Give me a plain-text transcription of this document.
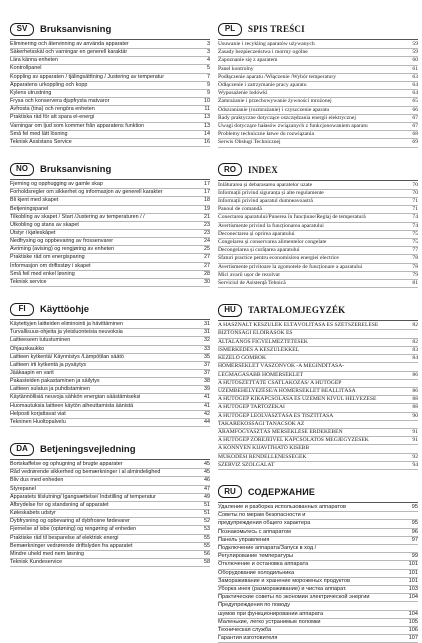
SV	Bruksanvisning
Eliminering och återvinning av använda apparater	3
Säkerhetsskäl och varningar en generell karaktär	3
Lära känna enheten	4
Kontrollpanel	5
Koppling av apparaten / tjälingsätttning / Justering av temperatur	7
Apparatens urkoppling och kopp	9
Kylens utrustning	9
Frysa och konservera djupfrysta matvaror	10
Avfrosta (tina) och rengöra enheten	11
Praktiska råd för att spara el-energi	13
Varningar om ljud som kommer från apparatens funktion	13
Små fel med lätt lösning	14
Teknisk Assistans Service	16
NO	Bruksanvisning
Fjerning og opphugging av gamle skap	17
Forholdsregler om sikkerhet og informasjon av generell karakter	17
Bli kjent med skapet	18
Betjeningspanel	19
Tilkobling av skapet / Start /Justering av temperaturen / /	21
Utkobling og stans av skapet	23
Utstyr i kjøleskåpet	23
Nedfrysing og oppbevaring av frossenvarer	24
Avriming (avising) og rengjøring av enheten	25
Praktiske råd om energisparing	27
Informasjon om driftsstøy i skapet	27
Små feil med enkel løsning	28
Teknisk service	30
FI	Käyttöohje
Käytettyjen laitteiden eliminointi ja hävittäminen	31
Turvallisuus-ohjeita ja yleisluonteisia neuvoksia	31
Laitteeseen tutustuminen	32
Ohjauskaukko	33
Laitteen kytkentä/ Käynnistys /Lämpötilan säätö	35
Laitteen irti kytkentä ja pysäytys	37
Jääkaapin en varit	37
Pakasteiden pakastaminen ja säilytys	38
Laitteen sulatus ja puhdistaminen	39
Käytännöllisiä neuvoja sähkön energian säästämiseksi	41
Huomautuksia laitteen käytön aiheuttamista äänistä	41
Helposti korjattavat viat	42
Tekninen Huoltopalvelu	44
DA	Betjeningsvejledning
Bortskaffelse og ophugning af brugte apparater	45
Råd vedrørende sikkerhed og bemærkninger i al almindelighed	45
Bliv dus med enheden	46
Styrepanel	47
Apparatets tilslutning/ Igangsættelse/ Indstilling af temperatur	49
Afbrydelse for og standsning af apparatet	51
Køleskabets udstyr	51
Dybfrysning og opbevaring af dybfrosne fødevarer	52
Fjernelse af isbe (optøning) og rengøring af enheden	53
Praktiske råd til besparelse af elektrisk energi	55
Bemærkninger vedrørende driftslyden fra apparatet	55
Mindre uheld med nem løsning	56
Teknisk Kundeservice	58
PL	SPIS TREŚCI
Usuwanie i recykling aparatów używanych	59
Zasady bezpieczeństwa i mormy ogólne	59
Zapoznanie się z aparatem	60
Panel kontrolny	61
Podłączenie aparatu /Włączenie /Wybór temperatury	63
Odłączenie i zatrzymanie pracy aparatu	64
Wyposażenie lodówki	64
Zamrażanie i przechowywanie żywności mrożonej	65
Odszranianie (rozmrażanie) i czyszczenie aparatu	66
Rady praktyczne dotyczące oszczędzania energii elektrycznej	67
Uwagi dotyczące hałasów związanych z funkcjonowaniem aparatu	67
Problemy techniczne łatwe do rozwiązania	68
Serwis Obsługi Technicznej	69
RO	INDEX
Înlăturarea și debarasarea aparatelor uzate	70
Informații privind siguranța și alte regulamente	70
Informații privind aparatul dumneavoastră	71
Panoul de comandă	71
Conectarea aparatului/Punerea în funcțiune/Reglaj de temperatură	74
Avertismente privind la funcționarea aparatului	74
Deconectarea și oprirea aparatului	75
Congelarea și conservarea alimentelor congelate	75
Decongelarea și curățarea aparatului	77
Sfaturi practice pentru economisirea energiei electrice	78
Avertismente privitoare la zgomotele de funcționare a aparatului	78
Mici avarii ușor de rezolvat	79
Serviciul de Asistență Tehnică	81
HU	TARTALOMJEGYZÉK
A HASZNÁLT KÉSZÜLÉK ELTÁVOLÍTÁSA ÉS SZÉTSZERELÉSE	82
BIZTONSÁGI ELŐÍRÁSOK ÉS
ÁLTALÁNOS FIGYELMEZTETÉSEK	82
ISMERKEDÉS A KÉSZÜLÉKKEL	83
KEZELŐ GOMBOK	84
HŐMÉRSÉKLET VÁSZONVOK -A MEGINDÍTÁSA-
LEGMAGASABB HŐMÉRSÉKLET	86
A HŰTŐSZÉTTÁTÉ CSATLAKOZÁS/ A HŰTŐGÉP
ÜZEMBEHELYEZÉSE/A HŐMÉRSÉKLET BEÁLLÍTÁSA	86
A HŰTŐGÉP KIKAPCSOLÁSA ÉS ÜZEMEN KÍVÜL HELYEZÉSE	88
A HŰTŐGÉP TARTOZÉKAI	88
A HŰTŐGÉP LEOLVASZTÁSA ÉS TISZTÍTÁSA	90
TAKARÉKOSSÁGI TANÁCSOK AZ
ÁRAMFOGYASZTÁS MÉRSÉKLÉSE ÉRDEKÉBEN	91
A HŰTŐGÉP ZÖREJEIVEL KAPCSOLATOS MEGJEGYZÉSEK	91
A KÖNNYEN KIJAVÍTHATÓ KISEBB
MŰKÖDÉSI RENDELLENESSÉGEK	92
SZERVIZ SZOLGÁLAT	94
RU	СОДЕРЖАНИЕ
Удаление и разборка использованных аппаратов	95
Советы по мерам безопасности и
предупреждения общего характера	95
Познакомьтесь с аппаратом	96
Панель управления	97
Подключение аппарата/Запуск в ход /
Регулирование температуры	99
Отключение и остановка аппарата	101
Оборудование холодильника	101
Замораживание и хранение мороженых продуктов	101
Уборка инея (размораживание) и чистка аппарат.	103
Практические советы по экономии электрической энергии	104
Предупреждения по поводу
шумов при функционировании аппарата	104
Маленькие, легко устранимые поломки	105
Техническая служба	106
Гарантия изготовителя	107
